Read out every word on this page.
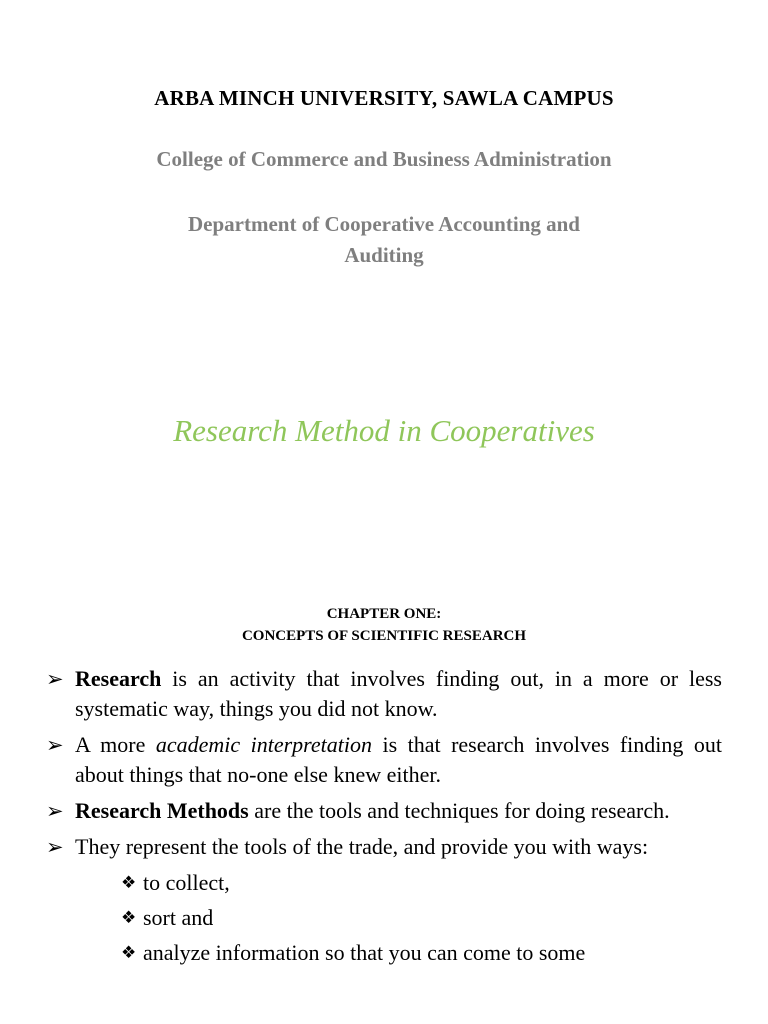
ARBA MINCH UNIVERSITY, SAWLA CAMPUS
College of Commerce and Business Administration
Department of Cooperative Accounting and
Auditing
Research Method in Cooperatives
CHAPTER ONE:
CONCEPTS OF SCIENTIFIC RESEARCH
➢ Research is an activity that involves finding out, in a more or less systematic way, things you did not know.
➢ A more academic interpretation is that research involves finding out about things that no-one else knew either.
➢ Research Methods are the tools and techniques for doing research.
➢ They represent the tools of the trade, and provide you with ways:
❖ to collect,
❖ sort and
❖ analyze information so that you can come to some
